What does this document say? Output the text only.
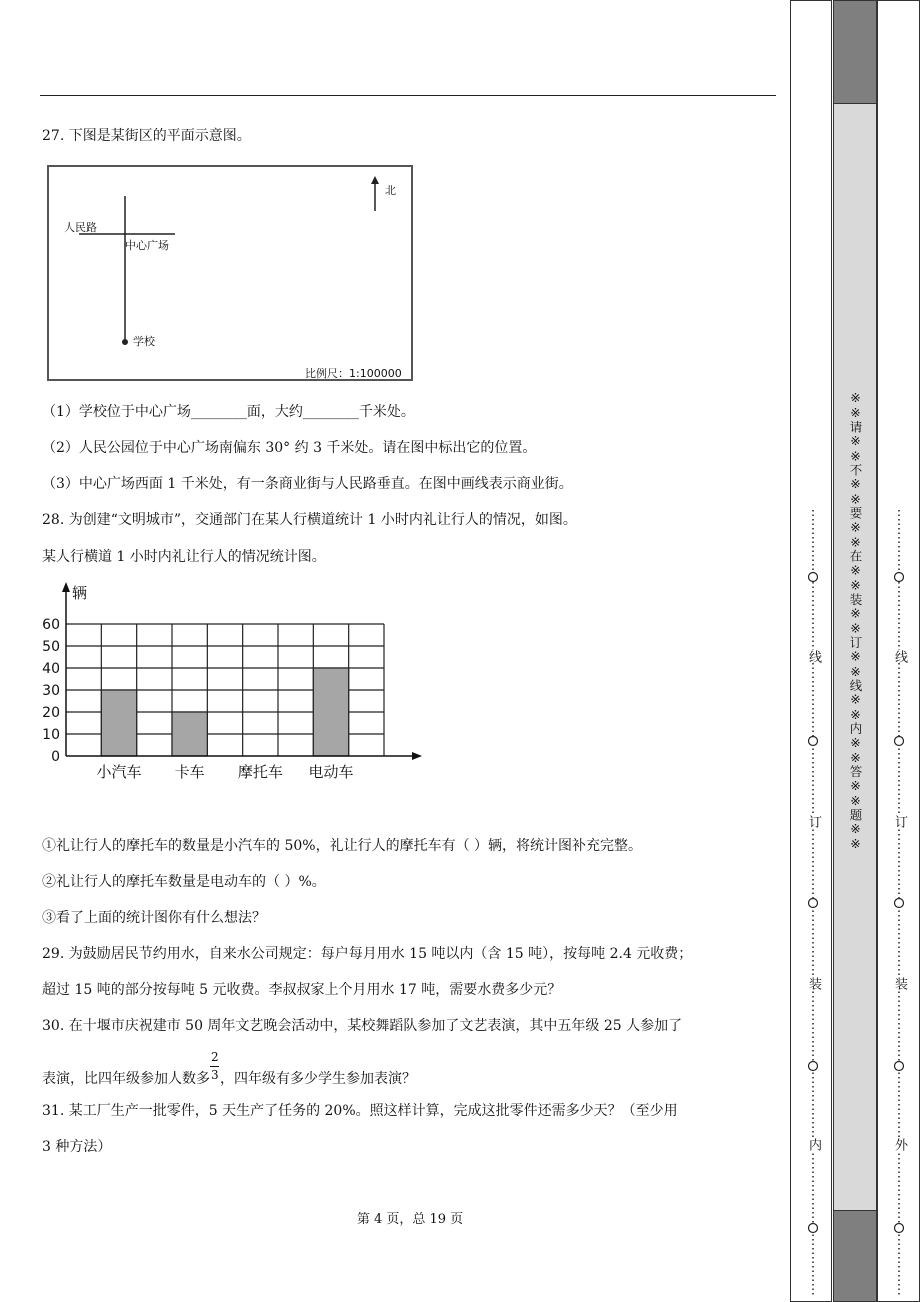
27. 下图是某街区的平面示意图。
北
人民路
中心广场
学校
比例尺：1:100000
（1）学校位于中心广场________面，大约________千米处。
（2）人民公园位于中心广场南偏东 30° 约 3 千米处。请在图中标出它的位置。
（3）中心广场西面 1 千米处，有一条商业街与人民路垂直。在图中画线表示商业街。
28. 为创建“文明城市”，交通部门在某人行横道统计 1 小时内礼让行人的情况，如图。
某人行横道 1 小时内礼让行人的情况统计图。
0
10
20
30
40
50
60
小汽车 卡车 摩托车 电动车
辆
①礼让行人的摩托车的数量是小汽车的 50%，礼让行人的摩托车有（ ）辆，将统计图补充完整。
②礼让行人的摩托车数量是电动车的（ ）%。
③看了上面的统计图你有什么想法？
29. 为鼓励居民节约用水，自来水公司规定：每户每月用水 15 吨以内（含 15 吨），按每吨 2.4 元收费；
超过 15 吨的部分按每吨 5 元收费。李叔叔家上个月用水 17 吨，需要水费多少元？
30. 在十堰市庆祝建市 50 周年文艺晚会活动中，某校舞蹈队参加了文艺表演，其中五年级 25 人参加了
表演，比四年级参加人数多 $\frac{2}{3}$ ，四年级有多少学生参加表演？
31. 某工厂生产一批零件，5 天生产了任务的 20%。照这样计算，完成这批零件还需多少天？（至少用
3 种方法）
第 4 页，总 19 页
※※请※※不※※要※※在※※装※※订※※线※※内※※答※※题※※
线
订
装
内
线
订
装
外
